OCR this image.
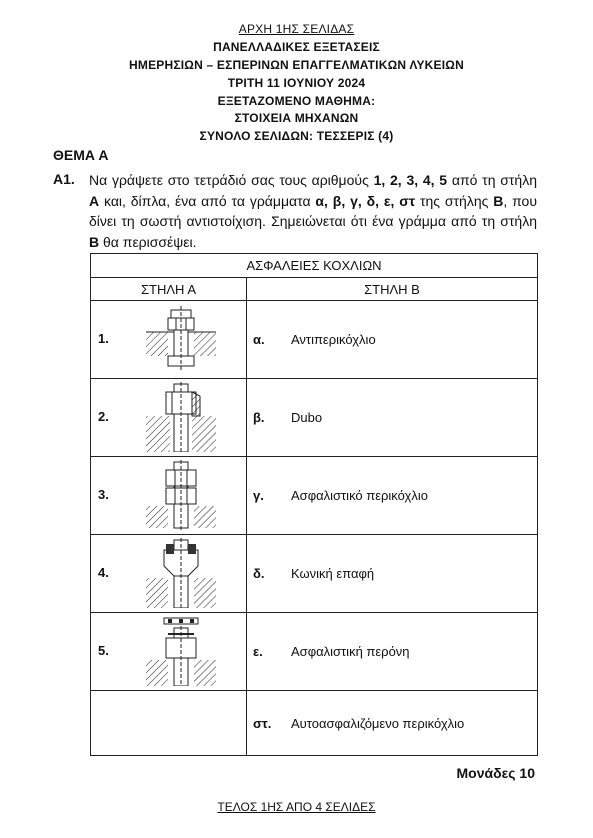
ΑΡΧΗ 1ΗΣ ΣΕΛΙΔΑΣ
ΠΑΝΕΛΛΑΔΙΚΕΣ ΕΞΕΤΑΣΕΙΣ
ΗΜΕΡΗΣΙΩΝ – ΕΣΠΕΡΙΝΩΝ ΕΠΑΓΓΕΛΜΑΤΙΚΩΝ ΛΥΚΕΙΩΝ
ΤΡΙΤΗ 11 ΙΟΥΝΙΟΥ 2024
ΕΞΕΤΑΖΟΜΕΝΟ ΜΑΘΗΜΑ:
ΣΤΟΙΧΕΙΑ ΜΗΧΑΝΩΝ
ΣΥΝΟΛΟ ΣΕΛΙΔΩΝ: ΤΕΣΣΕΡΙΣ (4)
ΘΕΜΑ Α
Α1. Να γράψετε στο τετράδιό σας τους αριθμούς 1, 2, 3, 4, 5 από τη στήλη Α και, δίπλα, ένα από τα γράμματα α, β, γ, δ, ε, στ της στήλης Β, που δίνει τη σωστή αντιστοίχιση. Σημειώνεται ότι ένα γράμμα από τη στήλη Β θα περισσέψει.
ΑΣΦΑΛΕΙΕΣ ΚΟΧΛΙΩΝ	
ΣΤΗΛΗ Α	ΣΤΗΛΗ Β

1.	α. Αντιπερικόχλιο

2.	β. Dubo

3.	γ. Ασφαλιστικό περικόχλιο

4.	δ. Κωνική επαφή

5.	ε. Ασφαλιστική περόνη
	στ. Αυτοασφαλιζόμενο περικόχλιο
Μονάδες 10
ΤΕΛΟΣ 1ΗΣ ΑΠΟ 4 ΣΕΛΙΔΕΣ
